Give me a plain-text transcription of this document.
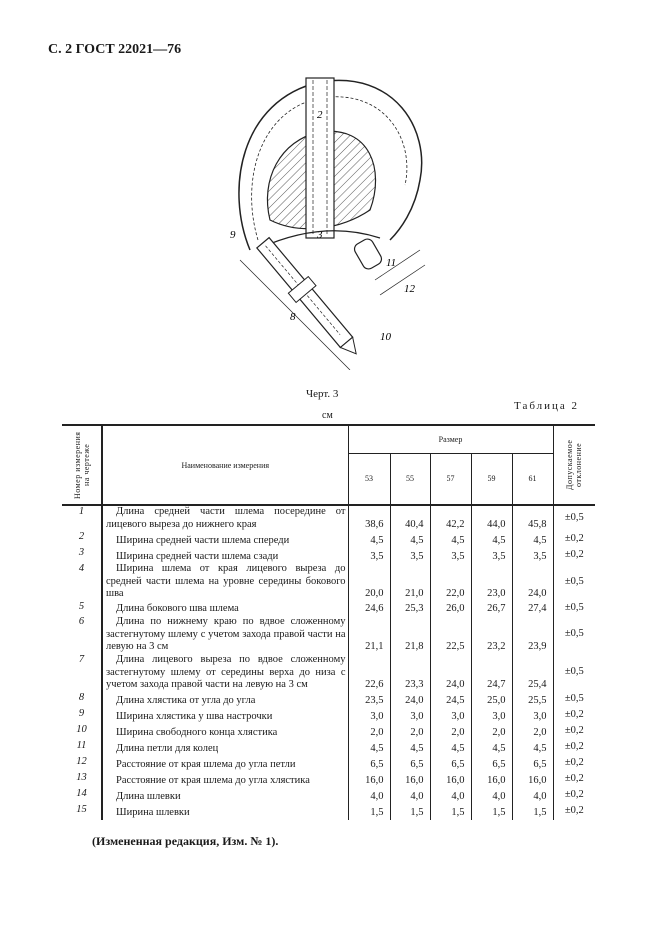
С. 2 ГОСТ 22021—76
2
3
8
9
10
11
12
Черт. 3
Таблица 2
см
Номер измерения на чертеже	Наименование измерения	Размер					Допускаемое отклонение

		53	55	57	59	61	
1	Длина средней части шлема посередине от лицевого выреза до нижнего края	38,6	40,4	42,2	44,0	45,8	±0,5
2	Ширина средней части шлема спереди	4,5	4,5	4,5	4,5	4,5	±0,2
3	Ширина средней части шлема сзади	3,5	3,5	3,5	3,5	3,5	±0,2
4	Ширина шлема от края лицевого выреза до средней части шлема на уровне середины бокового шва	20,0	21,0	22,0	23,0	24,0	±0,5
5	Длина бокового шва шлема	24,6	25,3	26,0	26,7	27,4	±0,5
6	Длина по нижнему краю по вдвое сложенному застегнутому шлему с учетом захода правой части на левую на 3 см	21,1	21,8	22,5	23,2	23,9	±0,5
7	Длина лицевого выреза по вдвое сложенному застегнутому шлему от середины верха до низа с учетом захода правой части на левую на 3 см	22,6	23,3	24,0	24,7	25,4	±0,5
8	Длина хлястика от угла до угла	23,5	24,0	24,5	25,0	25,5	±0,5
9	Ширина хлястика у шва настрочки	3,0	3,0	3,0	3,0	3,0	±0,2
10	Ширина свободного конца хлястика	2,0	2,0	2,0	2,0	2,0	±0,2
11	Длина петли для колец	4,5	4,5	4,5	4,5	4,5	±0,2
12	Расстояние от края шлема до угла петли	6,5	6,5	6,5	6,5	6,5	±0,2
13	Расстояние от края шлема до угла хлястика	16,0	16,0	16,0	16,0	16,0	±0,2
14	Длина шлевки	4,0	4,0	4,0	4,0	4,0	±0,2
15	Ширина шлевки	1,5	1,5	1,5	1,5	1,5	±0,2
(Измененная редакция, Изм. № 1).
